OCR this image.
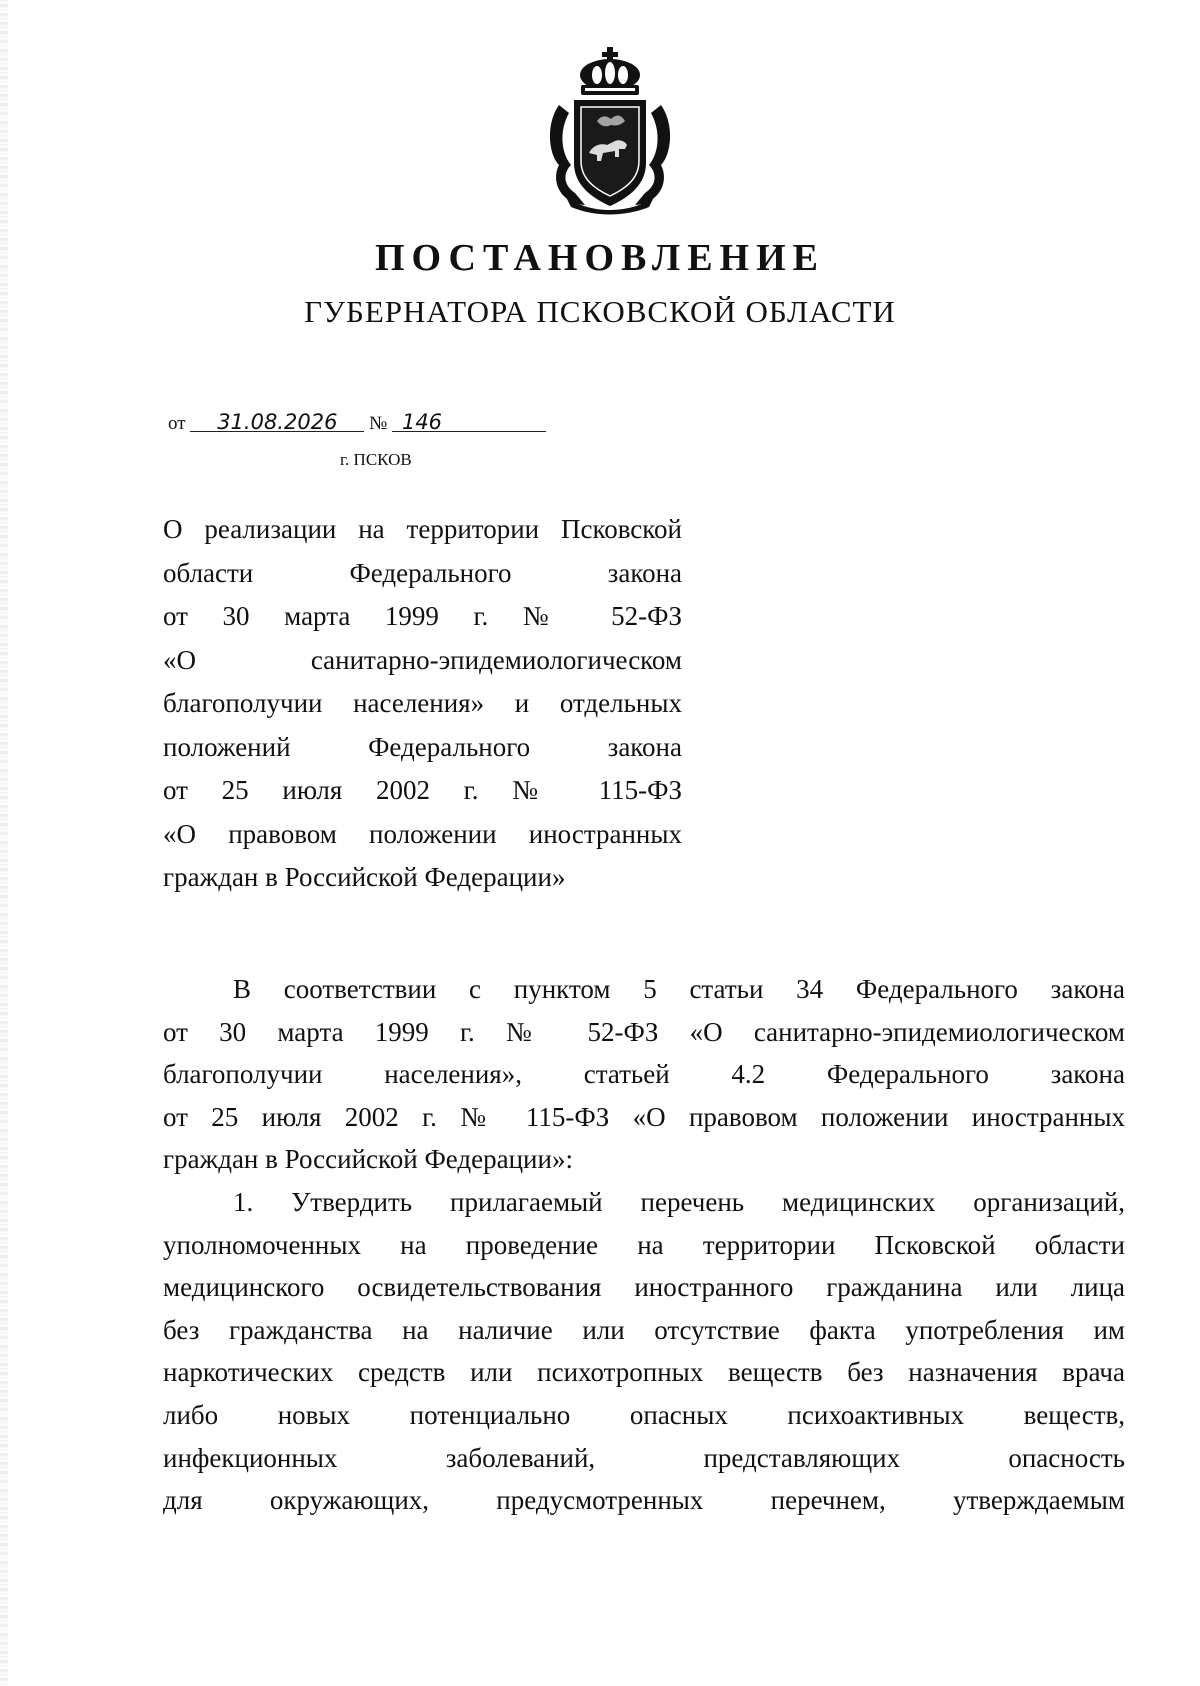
ПОСТАНОВЛЕНИЕ
ГУБЕРНАТОРА ПСКОВСКОЙ ОБЛАСТИ
от 31.08.2026 № 146
г. ПСКОВ
О реализации на территории Псковской
области Федерального закона
от 30 марта 1999 г. № 52-ФЗ
«О санитарно-эпидемиологическом
благополучии населения» и отдельных
положений Федерального закона
от 25 июля 2002 г. № 115-ФЗ
«О правовом положении иностранных
граждан в Российской Федерации»
В соответствии с пунктом 5 статьи 34 Федерального закона
от 30 марта 1999 г. № 52-ФЗ «О санитарно-эпидемиологическом
благополучии населения», статьей 4.2 Федерального закона
от 25 июля 2002 г. № 115-ФЗ «О правовом положении иностранных
граждан в Российской Федерации»:
1. Утвердить прилагаемый перечень медицинских организаций,
уполномоченных на проведение на территории Псковской области
медицинского освидетельствования иностранного гражданина или лица
без гражданства на наличие или отсутствие факта употребления им
наркотических средств или психотропных веществ без назначения врача
либо новых потенциально опасных психоактивных веществ,
инфекционных заболеваний, представляющих опасность
для окружающих, предусмотренных перечнем, утверждаемым
